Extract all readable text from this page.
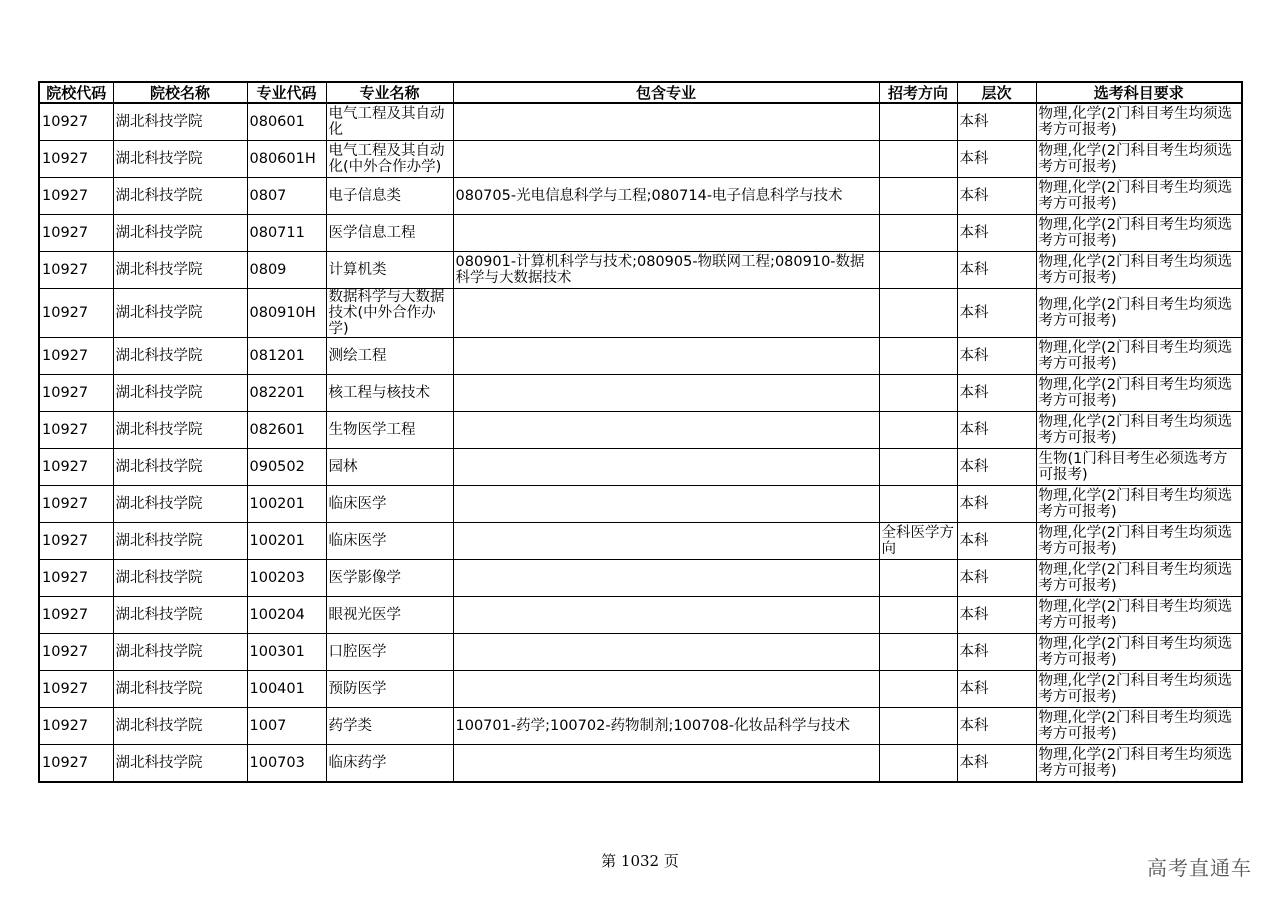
院校代码	院校名称	专业代码	专业名称	包含专业	招考方向	层次	选考科目要求
10927	湖北科技学院	080601	电气工程及其自动化			本科	物理,化学(2门科目考生均须选考方可报考)
10927	湖北科技学院	080601H	电气工程及其自动化(中外合作办学)			本科	物理,化学(2门科目考生均须选考方可报考)
10927	湖北科技学院	0807	电子信息类	080705-光电信息科学与工程;080714-电子信息科学与技术		本科	物理,化学(2门科目考生均须选考方可报考)
10927	湖北科技学院	080711	医学信息工程			本科	物理,化学(2门科目考生均须选考方可报考)
10927	湖北科技学院	0809	计算机类	080901-计算机科学与技术;080905-物联网工程;080910-数据科学与大数据技术		本科	物理,化学(2门科目考生均须选考方可报考)
10927	湖北科技学院	080910H	数据科学与大数据技术(中外合作办学)			本科	物理,化学(2门科目考生均须选考方可报考)
10927	湖北科技学院	081201	测绘工程			本科	物理,化学(2门科目考生均须选考方可报考)
10927	湖北科技学院	082201	核工程与核技术			本科	物理,化学(2门科目考生均须选考方可报考)
10927	湖北科技学院	082601	生物医学工程			本科	物理,化学(2门科目考生均须选考方可报考)
10927	湖北科技学院	090502	园林			本科	生物(1门科目考生必须选考方可报考)
10927	湖北科技学院	100201	临床医学			本科	物理,化学(2门科目考生均须选考方可报考)
10927	湖北科技学院	100201	临床医学		全科医学方向	本科	物理,化学(2门科目考生均须选考方可报考)
10927	湖北科技学院	100203	医学影像学			本科	物理,化学(2门科目考生均须选考方可报考)
10927	湖北科技学院	100204	眼视光医学			本科	物理,化学(2门科目考生均须选考方可报考)
10927	湖北科技学院	100301	口腔医学			本科	物理,化学(2门科目考生均须选考方可报考)
10927	湖北科技学院	100401	预防医学			本科	物理,化学(2门科目考生均须选考方可报考)
10927	湖北科技学院	1007	药学类	100701-药学;100702-药物制剂;100708-化妆品科学与技术		本科	物理,化学(2门科目考生均须选考方可报考)
10927	湖北科技学院	100703	临床药学			本科	物理,化学(2门科目考生均须选考方可报考)
第 1032 页	高考直通车
